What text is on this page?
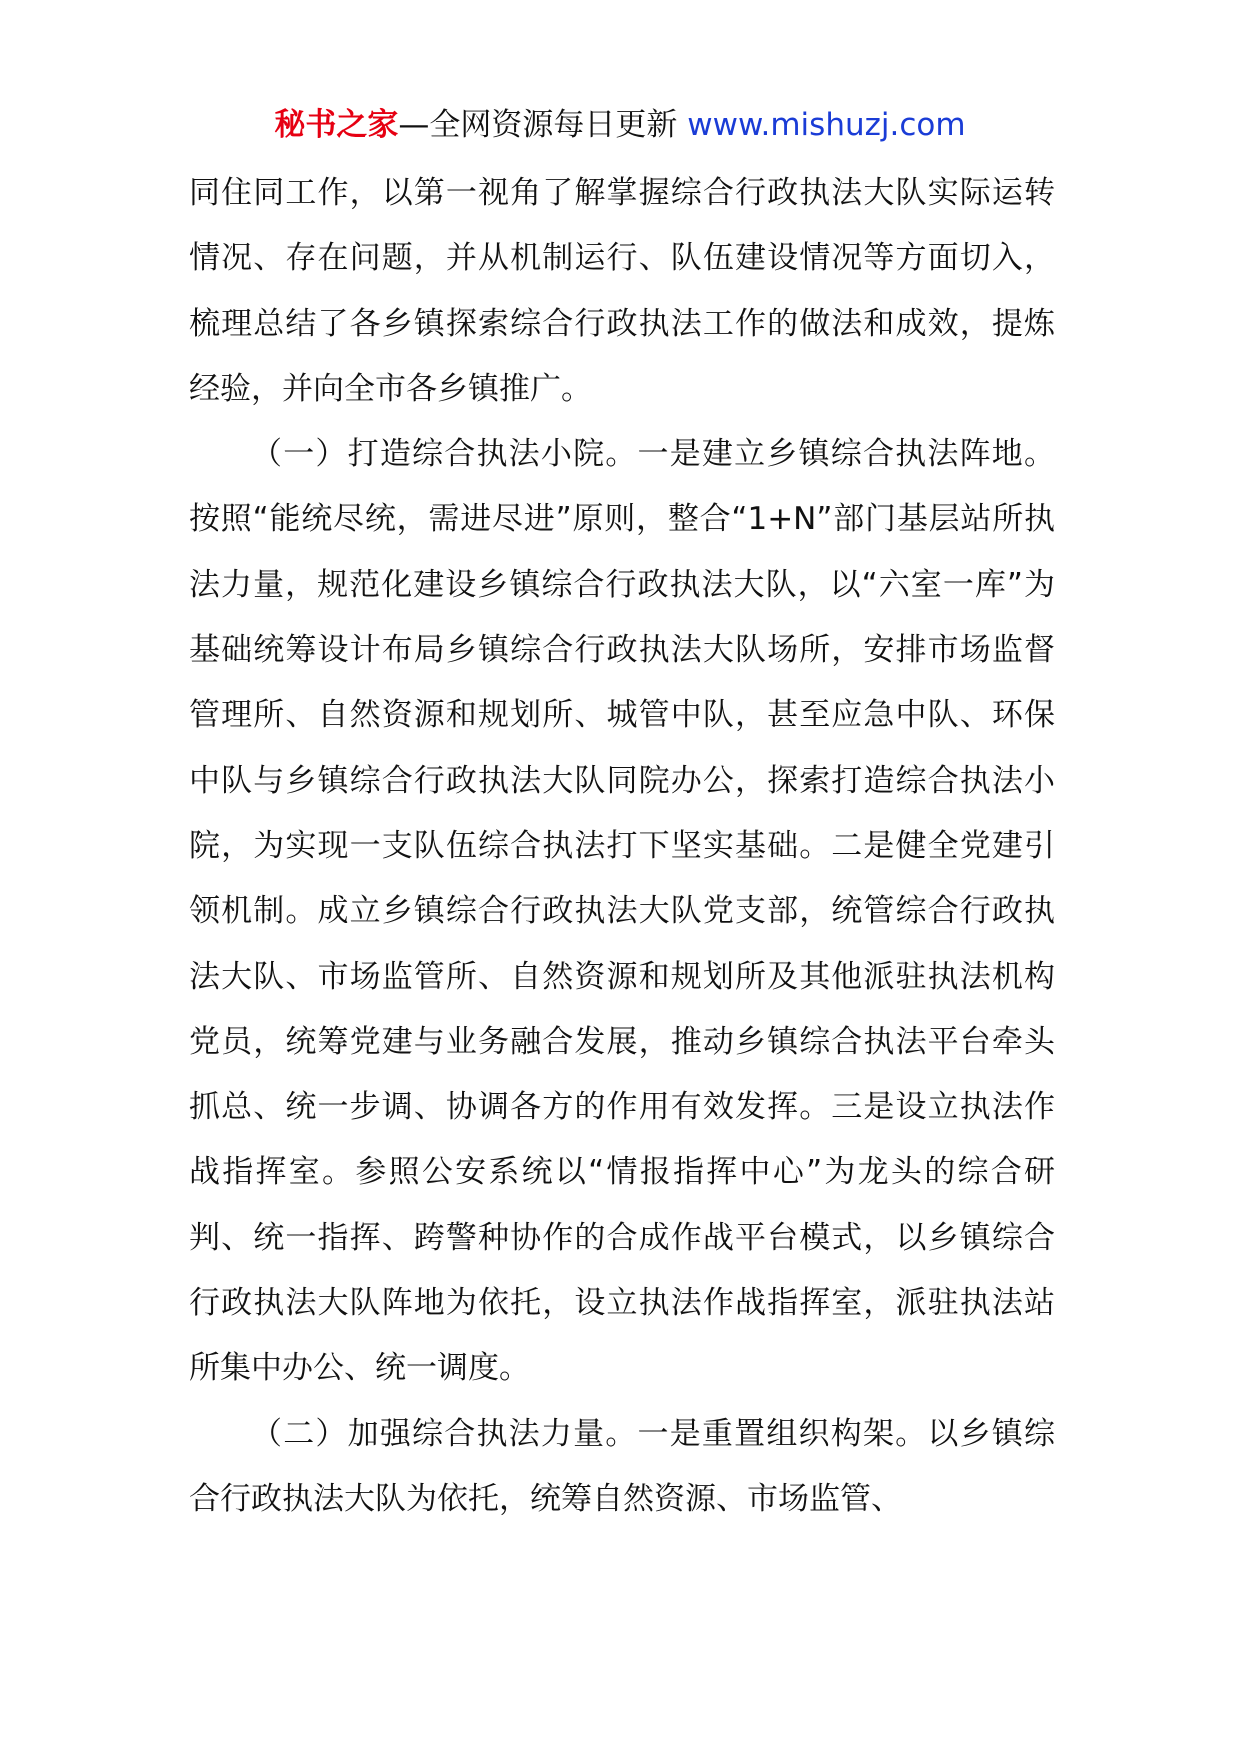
秘书之家—全网资源每日更新 www.mishuzj.com

同住同工作，以第一视角了解掌握综合行政执法大队实际运转情况、存在问题，并从机制运行、队伍建设情况等方面切入，梳理总结了各乡镇探索综合行政执法工作的做法和成效，提炼经验，并向全市各乡镇推广。

（一）打造综合执法小院。一是建立乡镇综合执法阵地。按照“能统尽统，需进尽进”原则，整合“1+N”部门基层站所执法力量，规范化建设乡镇综合行政执法大队，以“六室一库”为基础统筹设计布局乡镇综合行政执法大队场所，安排市场监督管理所、自然资源和规划所、城管中队，甚至应急中队、环保中队与乡镇综合行政执法大队同院办公，探索打造综合执法小院，为实现一支队伍综合执法打下坚实基础。二是健全党建引领机制。成立乡镇综合行政执法大队党支部，统管综合行政执法大队、市场监管所、自然资源和规划所及其他派驻执法机构党员，统筹党建与业务融合发展，推动乡镇综合执法平台牵头抓总、统一步调、协调各方的作用有效发挥。三是设立执法作战指挥室。参照公安系统以“情报指挥中心”为龙头的综合研判、统一指挥、跨警种协作的合成作战平台模式，以乡镇综合行政执法大队阵地为依托，设立执法作战指挥室，派驻执法站所集中办公、统一调度。

（二）加强综合执法力量。一是重置组织构架。以乡镇综合行政执法大队为依托，统筹自然资源、市场监管、
